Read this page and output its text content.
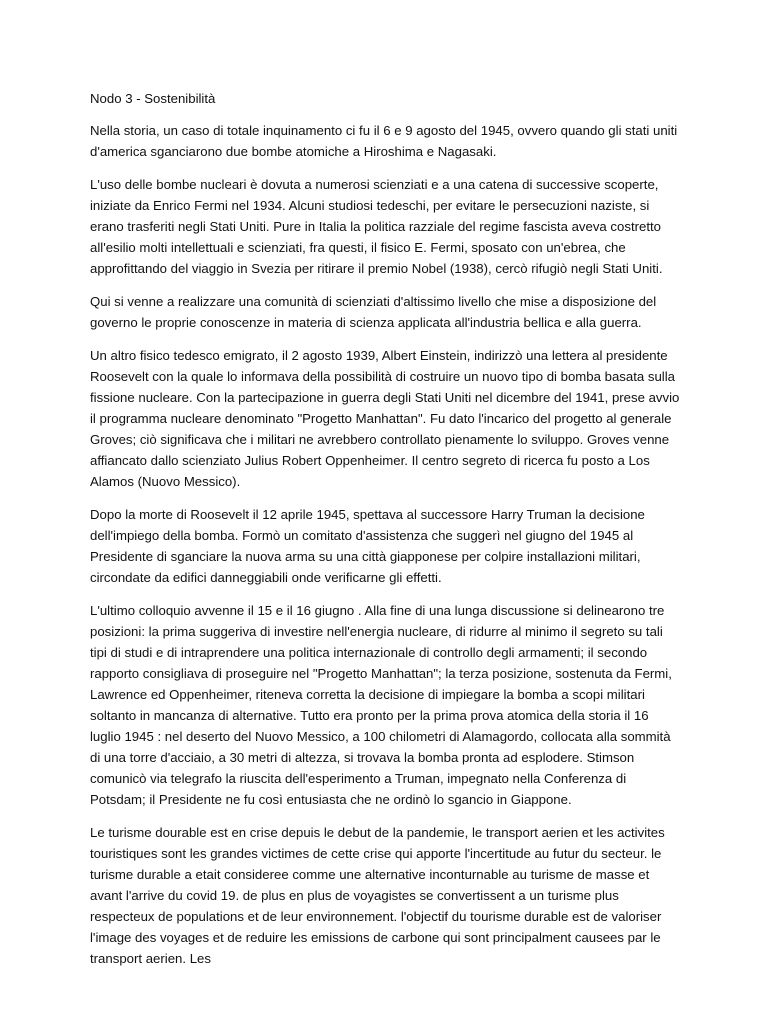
Nodo 3 - Sostenibilità

Nella storia, un caso di totale inquinamento ci fu il 6 e 9 agosto del 1945, ovvero quando gli stati uniti d'america sganciarono due bombe atomiche a Hiroshima e Nagasaki.

L'uso delle bombe nucleari è dovuta a numerosi scienziati e a una catena di successive scoperte, iniziate da Enrico Fermi nel 1934. Alcuni studiosi tedeschi, per evitare le persecuzioni naziste, si erano trasferiti negli Stati Uniti. Pure in Italia la politica razziale del regime fascista aveva costretto all'esilio molti intellettuali e scienziati, fra questi, il fisico E. Fermi, sposato con un'ebrea, che approfittando del viaggio in Svezia per ritirare il premio Nobel (1938), cercò rifugiò negli Stati Uniti.

Qui si venne a realizzare una comunità di scienziati d'altissimo livello che mise a disposizione del governo le proprie conoscenze in materia di scienza applicata all'industria bellica e alla guerra.

Un altro fisico tedesco emigrato, il 2 agosto 1939, Albert Einstein, indirizzò una lettera al presidente Roosevelt con la quale lo informava della possibilità di costruire un nuovo tipo di bomba basata sulla fissione nucleare. Con la partecipazione in guerra degli Stati Uniti nel dicembre del 1941, prese avvio il programma nucleare denominato "Progetto Manhattan". Fu dato l'incarico del progetto al generale Groves; ciò significava che i militari ne avrebbero controllato pienamente lo sviluppo. Groves venne affiancato dallo scienziato Julius Robert Oppenheimer. Il centro segreto di ricerca fu posto a Los Alamos (Nuovo Messico).

Dopo la morte di Roosevelt il 12 aprile 1945, spettava al successore Harry Truman la decisione dell'impiego della bomba. Formò un comitato d'assistenza che suggerì nel giugno del 1945 al Presidente di sganciare la nuova arma su una città giapponese per colpire installazioni militari, circondate da edifici danneggiabili onde verificarne gli effetti.

L'ultimo colloquio avvenne il 15 e il 16 giugno . Alla fine di una lunga discussione si delinearono tre posizioni: la prima suggeriva di investire nell'energia nucleare, di ridurre al minimo il segreto su tali tipi di studi e di intraprendere una politica internazionale di controllo degli armamenti; il secondo rapporto consigliava di proseguire nel "Progetto Manhattan"; la terza posizione, sostenuta da Fermi, Lawrence ed Oppenheimer, riteneva corretta la decisione di impiegare la bomba a scopi militari soltanto in mancanza di alternative. Tutto era pronto per la prima prova atomica della storia il 16 luglio 1945 : nel deserto del Nuovo Messico, a 100 chilometri di Alamagordo, collocata alla sommità di una torre d'acciaio, a 30 metri di altezza, si trovava la bomba pronta ad esplodere. Stimson comunicò via telegrafo la riuscita dell'esperimento a Truman, impegnato nella Conferenza di Potsdam; il Presidente ne fu così entusiasta che ne ordinò lo sgancio in Giappone.

Le turisme dourable est en crise depuis le debut de la pandemie, le transport aerien et les activites touristiques sont les grandes victimes de cette crise qui apporte l'incertitude au futur du secteur. le turisme durable a etait consideree comme une alternative inconturnable au turisme de masse et avant l'arrive du covid 19. de plus en plus de voyagistes se convertissent a un turisme plus respecteux de populations et de leur environnement. l'objectif du tourisme durable est de valoriser l'image des voyages et de reduire les emissions de carbone qui sont principalment causees par le transport aerien. Les
